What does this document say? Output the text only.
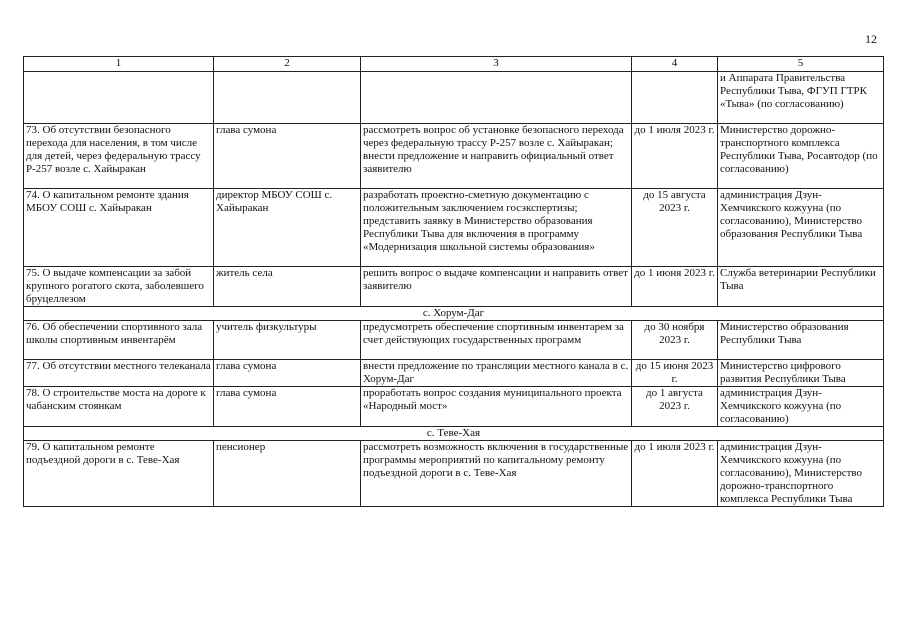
12
1	2	3	4	5
				и Аппарата Правительства Республики Тыва, ФГУП ГТРК «Тыва» (по согласованию)
73. Об отсутствии безопасного перехода для населения, в том числе для детей, через федеральную трассу Р-257 возле с. Хайыракан	глава сумона	рассмотреть вопрос об установке безопасного перехода через федеральную трассу Р-257 возле с. Хайыракан; внести предложение и направить официальный ответ заявителю	до 1 июля 2023 г.	Министерство дорожно-транспортного комплекса Республики Тыва, Росавтодор (по согласованию)
74. О капитальном ремонте здания МБОУ СОШ с. Хайыракан	директор МБОУ СОШ с. Хайыракан	разработать проектно-сметную документацию с положительным заключением госэкспертизы; представить заявку в Министерство образования Республики Тыва для включения в программу «Модернизация школьной системы образования»	до 15 августа 2023 г.	администрация Дзун-Хемчикского кожууна (по согласованию), Министерство образования Республики Тыва
75. О выдаче компенсации за забой крупного рогатого скота, заболевшего бруцеллезом	житель села	решить вопрос о выдаче компенсации и направить ответ заявителю	до 1 июня 2023 г.	Служба ветеринарии Республики Тыва
с. Хорум-Даг				
76. Об обеспечении спортивного зала школы спортивным инвентарём	учитель физкультуры	предусмотреть обеспечение спортивным инвентарем за счет действующих государственных программ	до 30 ноября 2023 г.	Министерство образования Республики Тыва
77. Об отсутствии местного телеканала	глава сумона	внести предложение по трансляции местного канала в с. Хорум-Даг	до 15 июня 2023 г.	Министерство цифрового развития Республики Тыва
78. О строительстве моста на дороге к чабанским стоянкам	глава сумона	проработать вопрос создания муниципального проекта «Народный мост»	до 1 августа 2023 г.	администрация Дзун-Хемчикского кожууна (по согласованию)
с. Теве-Хая				
79. О капитальном ремонте подъездной дороги в с. Теве-Хая	пенсионер	рассмотреть возможность включения в государственные программы мероприятий по капитальному ремонту подъездной дороги в с. Теве-Хая	до 1 июля 2023 г.	администрация Дзун-Хемчикского кожууна (по согласованию), Министерство дорожно-транспортного комплекса Республики Тыва
